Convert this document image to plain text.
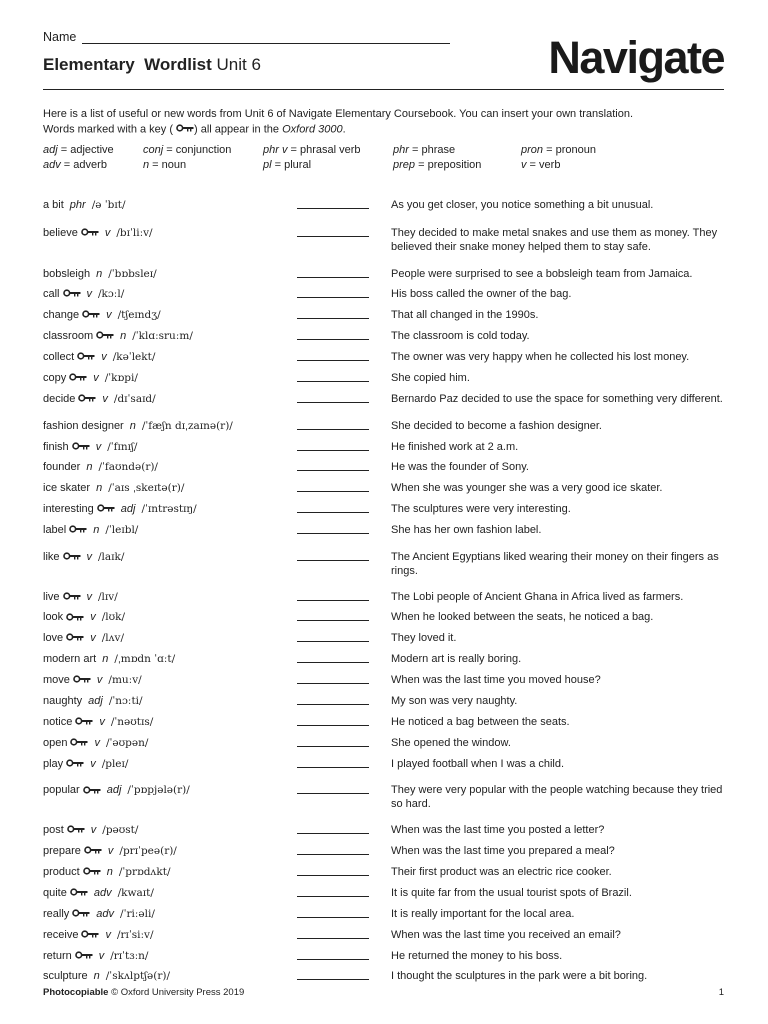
Name
Elementary  Wordlist Unit 6	Navigate
Here is a list of useful or new words from Unit 6 of Navigate Elementary Coursebook. You can insert your own translation.
Words marked with a key ( ) all appear in the Oxford 3000.
adj = adjective	conj = conjunction	phr v = phrasal verb	phr = phrase	pron = pronoun
adv = adverb	n = noun	pl = plural	prep = preposition	v = verb
a bit phr /ə ˈbɪt/	As you get closer, you notice something a bit unusual.
believe v /bɪˈliːv/	They decided to make metal snakes and use them as money. They believed their snake money helped them to stay safe.
bobsleigh n /ˈbɒbsleɪ/	People were surprised to see a bobsleigh team from Jamaica.
call v /kɔːl/	His boss called the owner of the bag.
change v /tʃeɪndʒ/	That all changed in the 1990s.
classroom n /ˈklɑːsruːm/	The classroom is cold today.
collect v /kəˈlekt/	The owner was very happy when he collected his lost money.
copy v /ˈkɒpi/	She copied him.
decide v /dɪˈsaɪd/	Bernardo Paz decided to use the space for something very different.
fashion designer n /ˈfæʃn dɪˌzaɪnə(r)/	She decided to become a fashion designer.
finish v /ˈfɪnɪʃ/	He finished work at 2 a.m.
founder n /ˈfaʊndə(r)/	He was the founder of Sony.
ice skater n /ˈaɪs ˌskeɪtə(r)/	When she was younger she was a very good ice skater.
interesting adj /ˈɪntrəstɪŋ/	The sculptures were very interesting.
label n /ˈleɪbl/	She has her own fashion label.
like v /laɪk/	The Ancient Egyptians liked wearing their money on their fingers as rings.
live v /lɪv/	The Lobi people of Ancient Ghana in Africa lived as farmers.
look v /lʊk/	When he looked between the seats, he noticed a bag.
love v /lʌv/	They loved it.
modern art n /ˌmɒdn ˈɑːt/	Modern art is really boring.
move v /muːv/	When was the last time you moved house?
naughty adj /ˈnɔːti/	My son was very naughty.
notice v /ˈnəʊtɪs/	He noticed a bag between the seats.
open v /ˈəʊpən/	She opened the window.
play v /pleɪ/	I played football when I was a child.
popular adj /ˈpɒpjələ(r)/	They were very popular with the people watching because they tried so hard.
post v /pəʊst/	When was the last time you posted a letter?
prepare v /prɪˈpeə(r)/	When was the last time you prepared a meal?
product n /ˈprɒdʌkt/	Their first product was an electric rice cooker.
quite adv /kwaɪt/	It is quite far from the usual tourist spots of Brazil.
really adv /ˈriːəli/	It is really important for the local area.
receive v /rɪˈsiːv/	When was the last time you received an email?
return v /rɪˈtɜːn/	He returned the money to his boss.
sculpture n /ˈskʌlptʃə(r)/	I thought the sculptures in the park were a bit boring.
Photocopiable © Oxford University Press 2019	1
